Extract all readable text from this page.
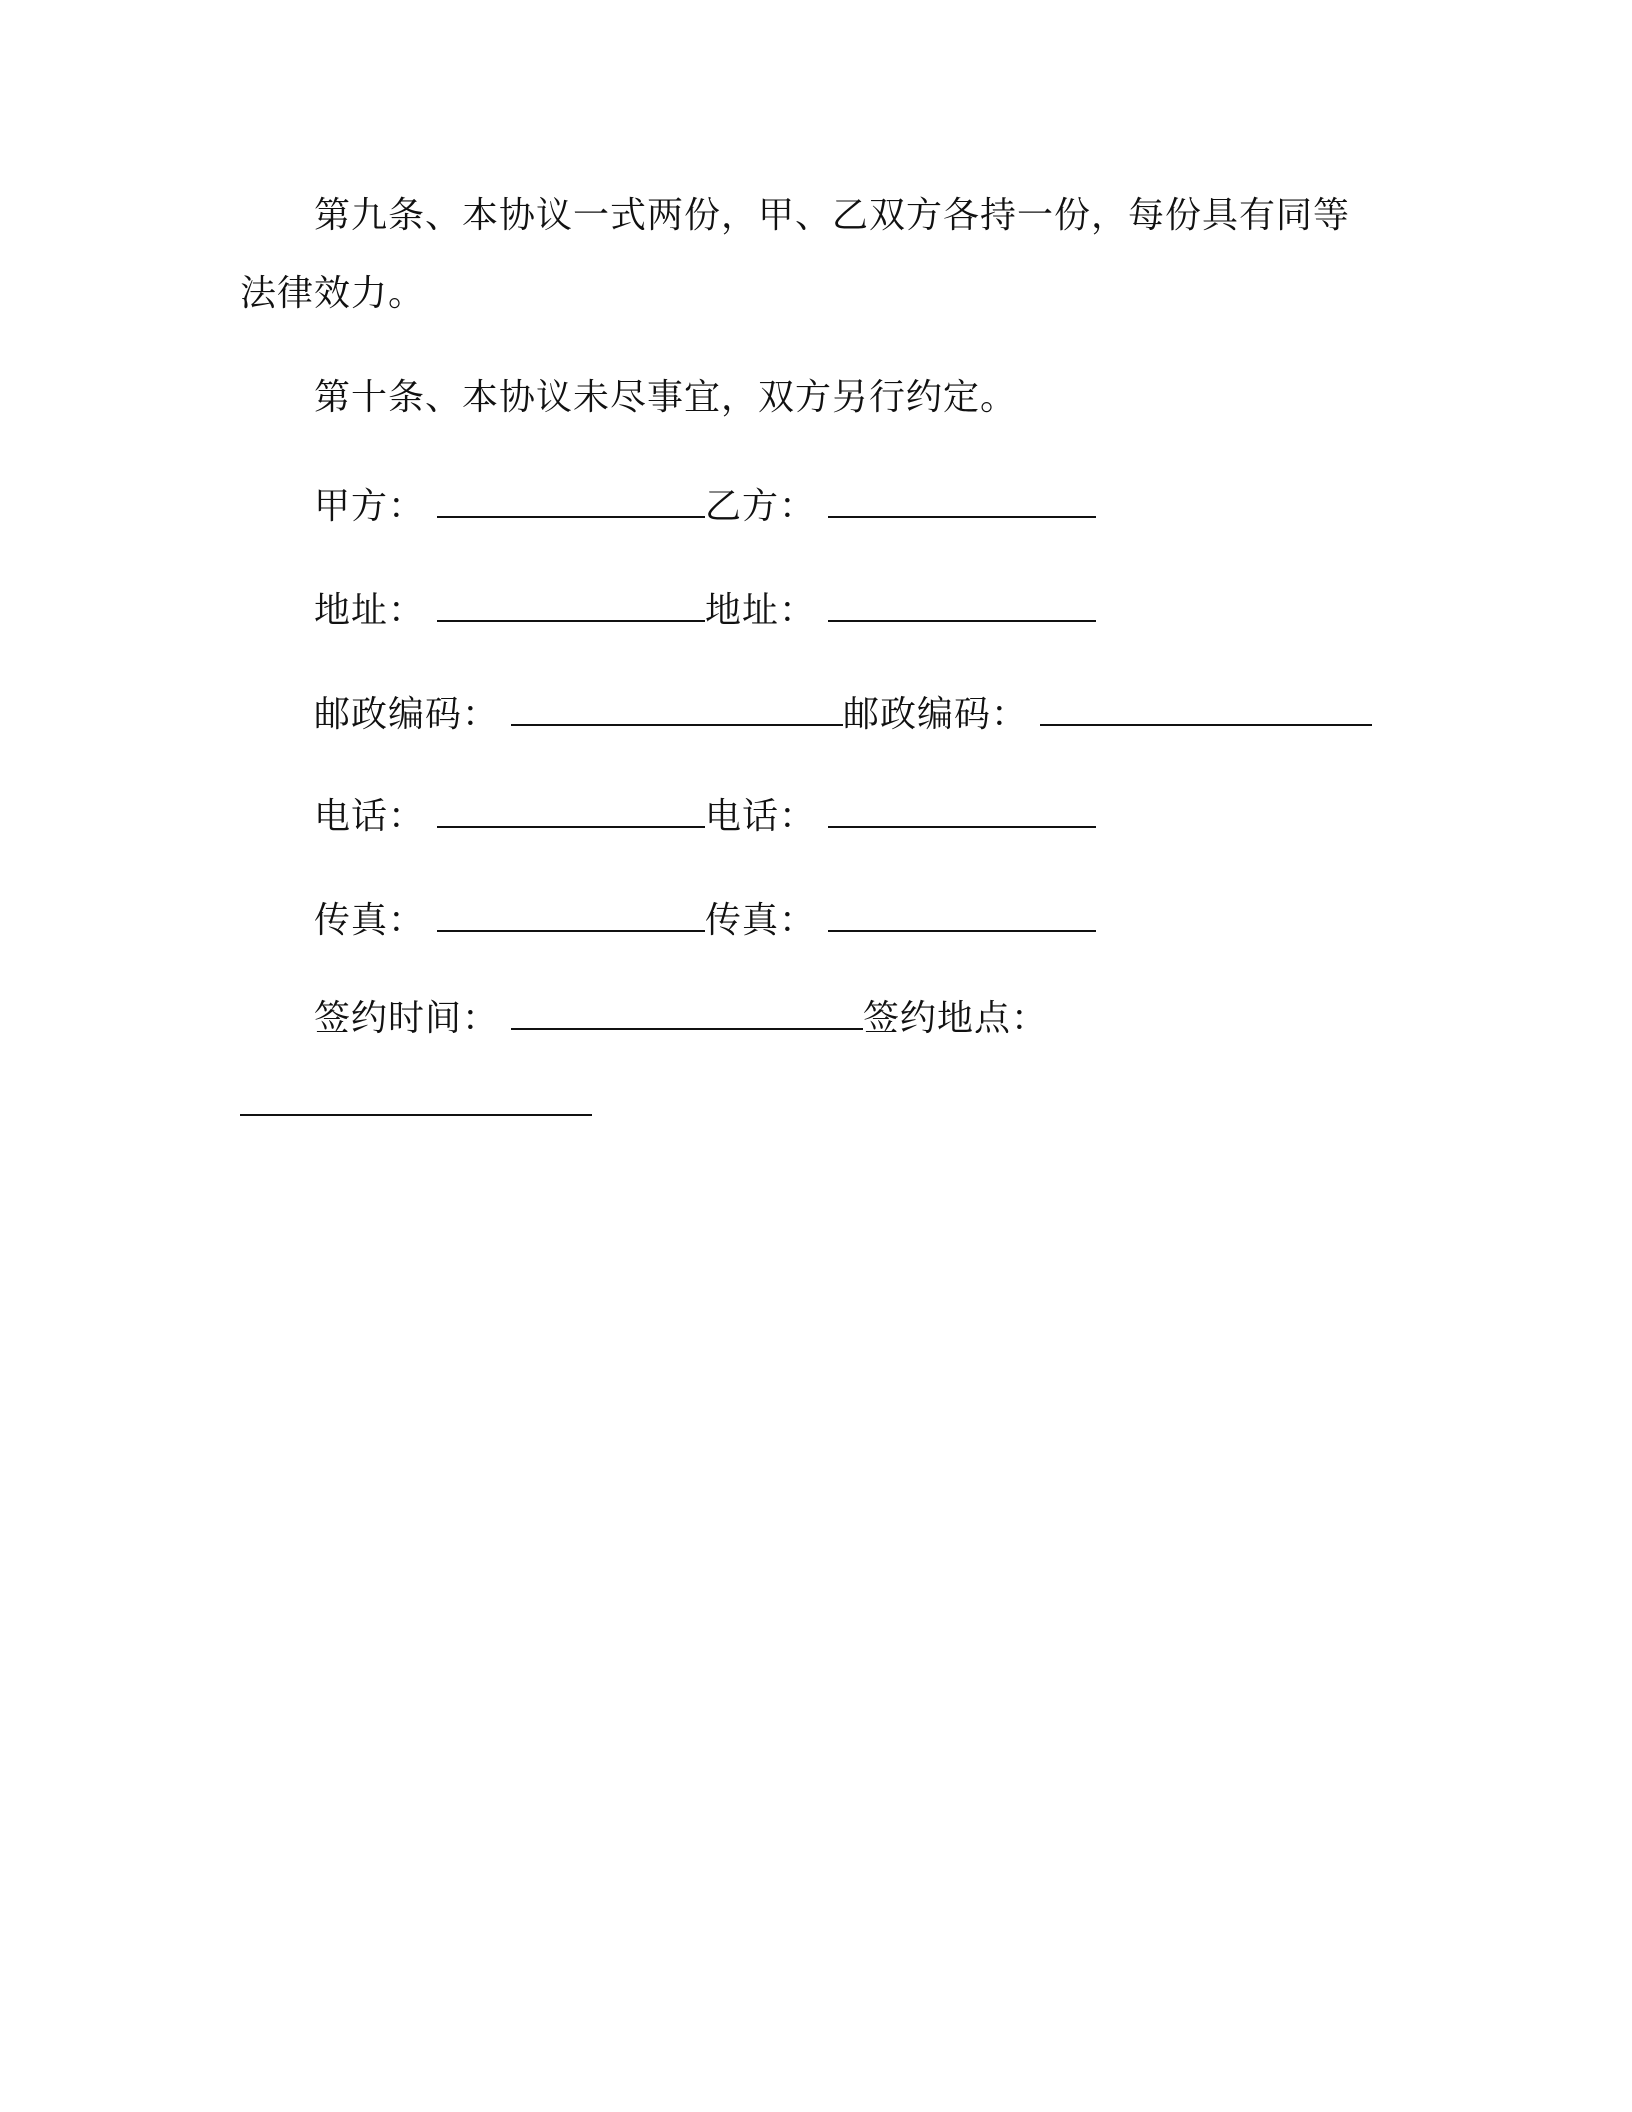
第九条、本协议一式两份，甲、乙双方各持一份，每份具有同等
法律效力。
第十条、本协议未尽事宜，双方另行约定。
甲方：	乙方：
地址：	地址：
邮政编码：	邮政编码：
电话：	电话：
传真：	传真：
签约时间：	签约地点：
